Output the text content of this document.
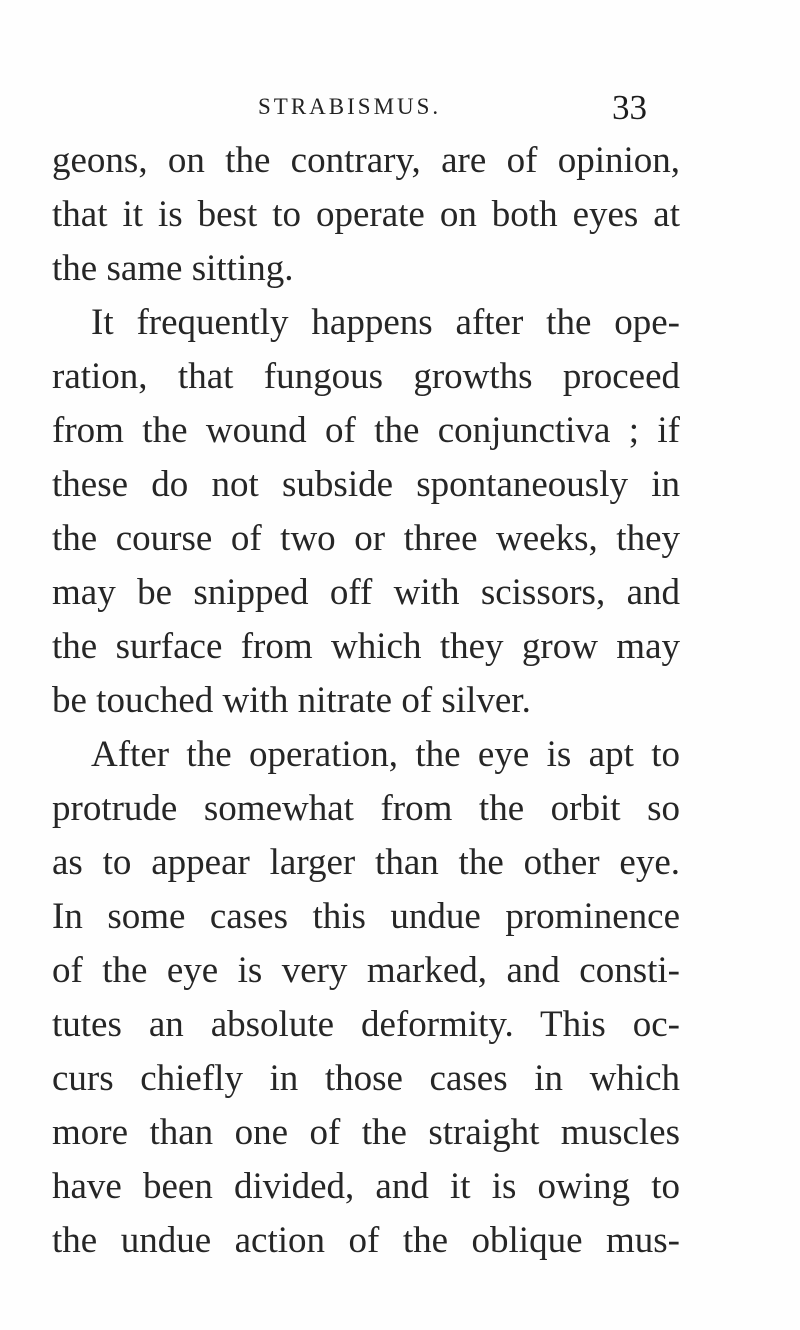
STRABISMUS.	33
geons, on the contrary, are of opinion,
that it is best to operate on both eyes at
the same sitting.
It frequently happens after the ope-
ration, that fungous growths proceed
from the wound of the conjunctiva ; if
these do not subside spontaneously in
the course of two or three weeks, they
may be snipped off with scissors, and
the surface from which they grow may
be touched with nitrate of silver.
After the operation, the eye is apt to
protrude somewhat from the orbit so
as to appear larger than the other eye.
In some cases this undue prominence
of the eye is very marked, and consti-
tutes an absolute deformity. This oc-
curs chiefly in those cases in which
more than one of the straight muscles
have been divided, and it is owing to
the undue action of the oblique mus-
